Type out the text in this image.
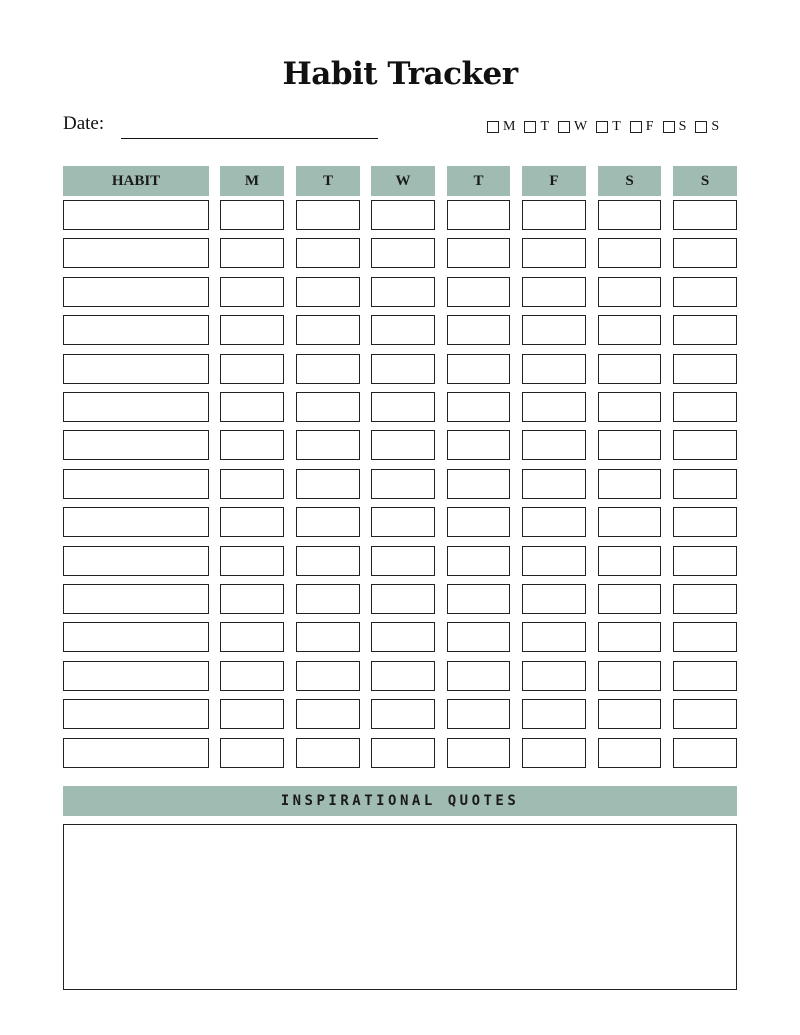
Habit Tracker
Date:	M T W T F S S
HABIT	M	T	W	T	F	S	S
INSPIRATIONAL QUOTES
